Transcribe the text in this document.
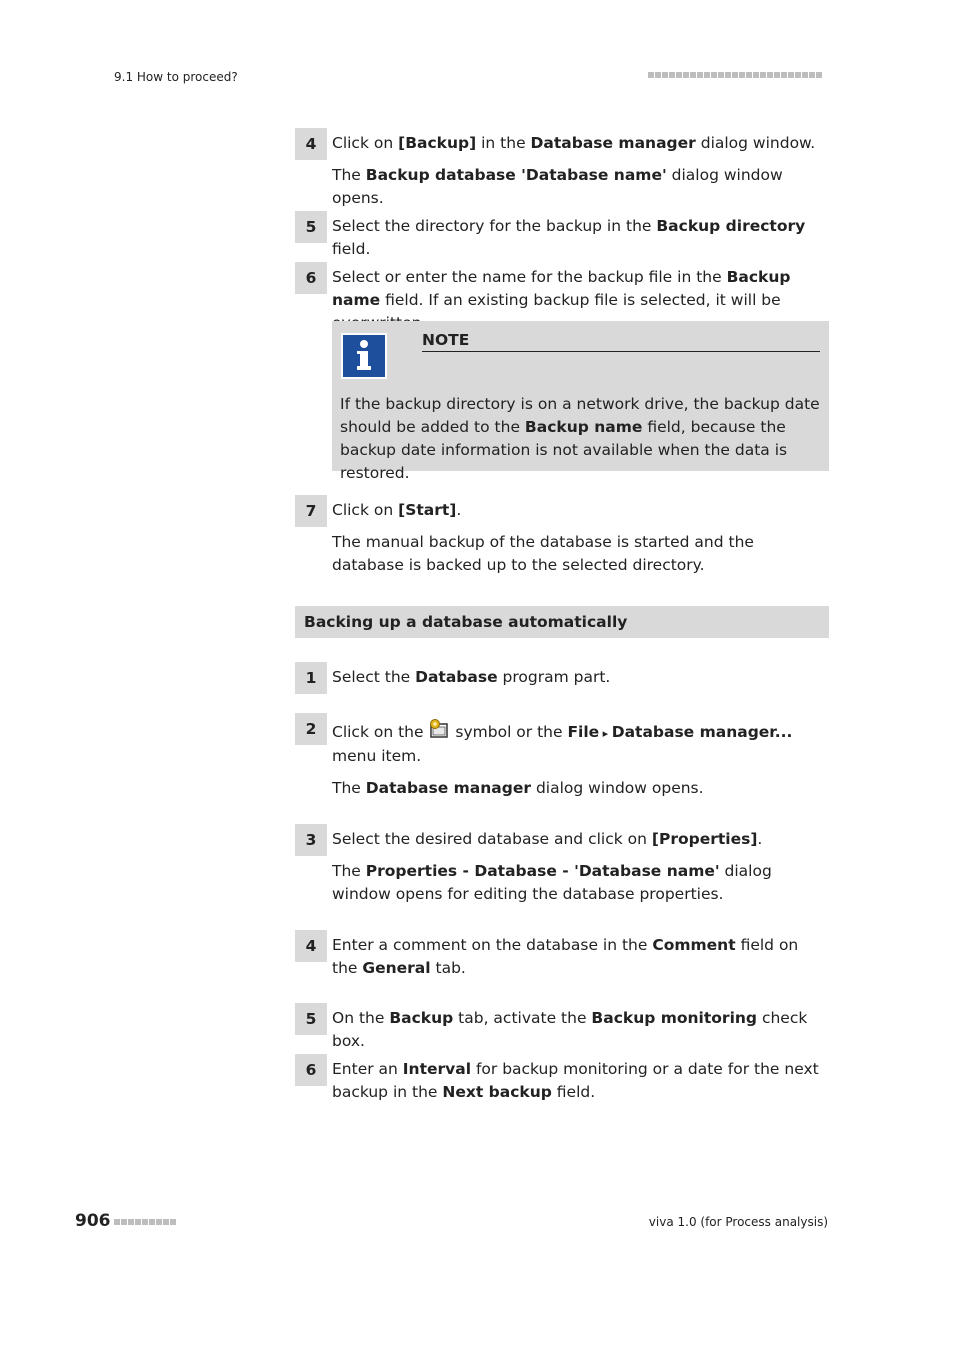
9.1 How to proceed?
4	Click on [Backup] in the Database manager dialog window.

The Backup database 'Database name' dialog window opens.

5	Select the directory for the backup in the Backup directory field.

6	Select or enter the name for the backup file in the Backup name field. If an existing backup file is selected, it will be

NOTE
If the backup directory is on a network drive, the backup date should be added to the Backup name field, because the backup date information is not available when the data is restored.
7	Click on [Start].

The manual backup of the database is started and the database is backed up to the selected directory.

Backing up a database automatically
1	Select the Database program part.

2	Click on the  symbol or the File ▸ Database manager... menu item.

The Database manager dialog window opens.

3	Select the desired database and click on [Properties].

The Properties - Database - 'Database name' dialog window opens for editing the database properties.

4	Enter a comment on the database in the Comment field on the General tab.

5	On the Backup tab, activate the Backup monitoring check box.

6	Enter an Interval for backup monitoring or a date for the next backup in the Next backup field.

906	viva 1.0 (for Process analysis)
